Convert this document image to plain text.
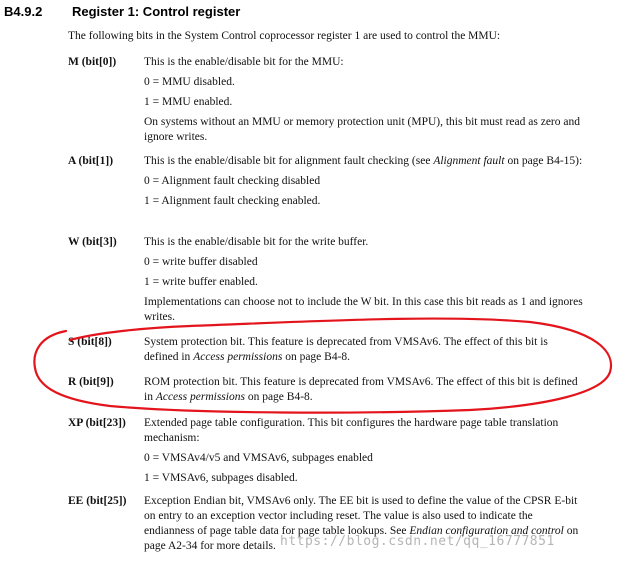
B4.9.2 Register 1: Control register
The following bits in the System Control coprocessor register 1 are used to control the MMU:
M (bit[0]) This is the enable/disable bit for the MMU:

0 = MMU disabled.

1 = MMU enabled.

On systems without an MMU or memory protection unit (MPU), this bit must read as zero and ignore writes.

A (bit[1])	This is the enable/disable bit for alignment fault checking (see Alignment fault on page B4-15):

0 = Alignment fault checking disabled

1 = Alignment fault checking enabled.

W (bit[3]) This is the enable/disable bit for the write buffer.

0 = write buffer disabled

1 = write buffer enabled.

Implementations can choose not to include the W bit. In this case this bit reads as 1 and ignores writes.

S (bit[8])	System protection bit. This feature is deprecated from VMSAv6. The effect of this bit is defined in Access permissions on page B4-8.

R (bit[9])	ROM protection bit. This feature is deprecated from VMSAv6. The effect of this bit is defined in Access permissions on page B4-8.

XP (bit[23]) Extended page table configuration. This bit configures the hardware page table translation mechanism:

0 = VMSAv4/v5 and VMSAv6, subpages enabled

1 = VMSAv6, subpages disabled.

EE (bit[25]) Exception Endian bit, VMSAv6 only. The EE bit is used to define the value of the CPSR E-bit on entry to an exception vector including reset. The value is also used to indicate the endianness of page table data for page table lookups. See Endian configuration and control on page A2-34 for more details. https://blog.csdn.net/qq_16777851
